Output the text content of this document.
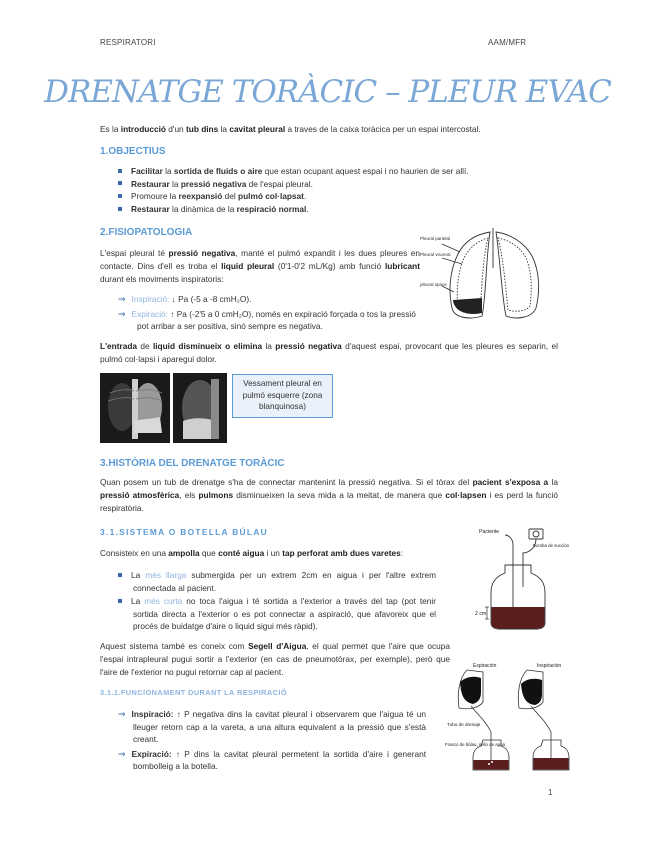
RESPIRATORI	AAM/MFR
DRENATGE TORÀCIC – PLEUR EVAC
Es la introducció d'un tub dins la cavitat pleural a traves de la caixa toràcica per un espai intercostal.
1.OBJECTIUS
Facilitar la sortida de fluids o aire que estan ocupant aquest espai i no haurien de ser allí.
Restaurar la pressió negativa de l'espai pleural.
Promoure la reexpansió del pulmó col·lapsat.
Restaurar la dinàmica de la respiració normal.
2.FISIOPATOLOGIA
L'espai pleural té pressió negativa, manté el pulmó expandit i les dues pleures en contacte. Dins d'ell es troba el liquid pleural (0'1-0'2 mL/Kg) amb funció lubricant durant els moviments inspiratoris:
⇒ Inspiració: ↓ Pa (-5 a -8 cmH₂O).
⇒ Expiració: ↑ Pa (-2'5 a 0 cmH₂O), només en expiració forçada o tos la pressió pot arribar a ser positiva, sinó sempre es negativa.
Pleural parietal
Pleural visceral
pleural space
L'entrada de liquid disminueix o elimina la pressió negativa d'aquest espai, provocant que les pleures es separin, el pulmó col·lapsi i aparegui dolor.
Vessament pleural en pulmó esquerre (zona blanquinosa)
3.HISTÒRIA DEL DRENATGE TORÀCIC
Quan posem un tub de drenatge s'ha de connectar mantenint la pressió negativa. Si el tòrax del pacient s'exposa a la pressió atmosfèrica, els pulmons disminueixen la seva mida a la meitat, de manera que col·lapsen i es perd la funció respiratòria.
3.1.SISTEMA O BOTELLA BÚLAU
Consisteix en una ampolla que conté aigua i un tap perforat amb dues varetes:
La més llarga submergida per un extrem 2cm en aigua i per l'altre extrem connectada al pacient.
La més curta no toca l'aigua i té sortida a l'exterior a través del tap (pot tenir sortida directa a l'exterior o es pot connectar a aspiració, que afavoreix que el procés de buidatge d'aire o liquid sigui més ràpid).
Paciente
Bomba de succión
2 cm
Aquest sistema també es coneix com Segell d'Aigua, el qual permet que l'aire que ocupa l'espai intrapleural pugui sortir a l'exterior (en cas de pneumotòrax, per exemple), però que l'aire de l'exterior no pugui retornar cap al pacient.
3.1.1.FUNCIONAMENT DURANT LA RESPIRACIÓ
⇒ Inspiració: ↑ P negativa dins la cavitat pleural i observarem que l'aigua té un lleuger retorn cap a la vareta, a una altura equivalent a la pressió que s'està creant.
⇒ Expiració: ↑ P dins la cavitat pleural permetent la sortida d'aire i generant bombolleig a la botella.
Espiración	Inspiración
Tubo de drenaje
Frasco de bûlau, sello de agua
1
